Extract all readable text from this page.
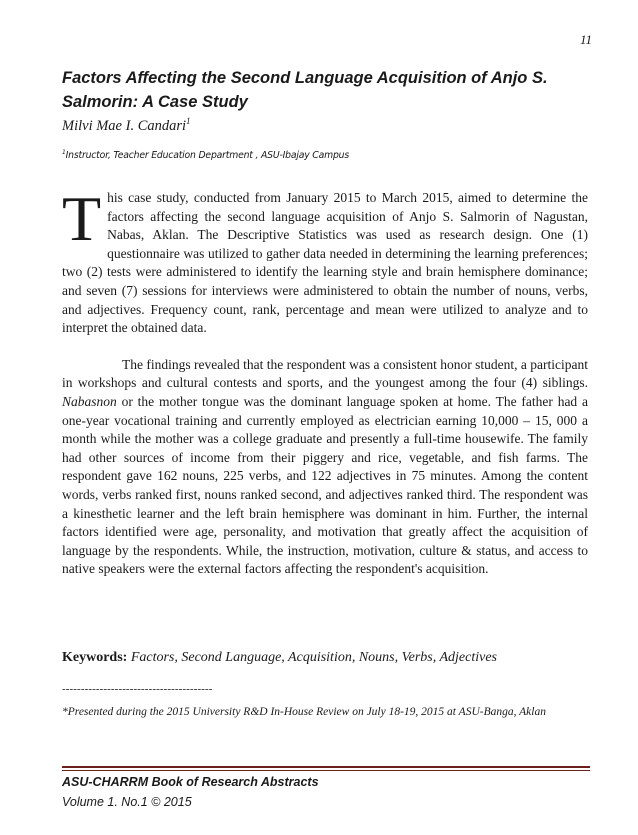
11
Factors Affecting the Second Language Acquisition of Anjo S. Salmorin: A Case Study
Milvi Mae I. Candari$^1$
$^1$Instructor, Teacher Education Department , ASU-Ibajay Campus

This case study, conducted from January 2015 to March 2015, aimed to determine the factors affecting the second language acquisition of Anjo S. Salmorin of Nagustan, Nabas, Aklan. The Descriptive Statistics was used as research design. One (1) questionnaire was utilized to gather data needed in determining the learning preferences; two (2) tests were administered to identify the learning style and brain hemisphere dominance; and seven (7) sessions for interviews were administered to obtain the number of nouns, verbs, and adjectives. Frequency count, rank, percentage and mean were utilized to analyze and to interpret the obtained data.

The findings revealed that the respondent was a consistent honor student, a participant in workshops and cultural contests and sports, and the youngest among the four (4) siblings. Nabasnon or the mother tongue was the dominant language spoken at home. The father had a one-year vocational training and currently employed as electrician earning 10,000 – 15, 000 a month while the mother was a college graduate and presently a full-time housewife. The family had other sources of income from their piggery and rice, vegetable, and fish farms. The respondent gave 162 nouns, 225 verbs, and 122 adjectives in 75 minutes. Among the content words, verbs ranked first, nouns ranked second, and adjectives ranked third. The respondent was a kinesthetic learner and the left brain hemisphere was dominant in him. Further, the internal factors identified were age, personality, and motivation that greatly affect the acquisition of language by the respondents. While, the instruction, motivation, culture & status, and access to native speakers were the external factors affecting the respondent's acquisition.

Keywords: Factors, Second Language, Acquisition, Nouns, Verbs, Adjectives
----------------------------------------
*Presented during the 2015 University R&D In-House Review on July 18-19, 2015 at ASU-Banga, Aklan
ASU-CHARRM Book of Research Abstracts
Volume 1. No.1 © 2015
